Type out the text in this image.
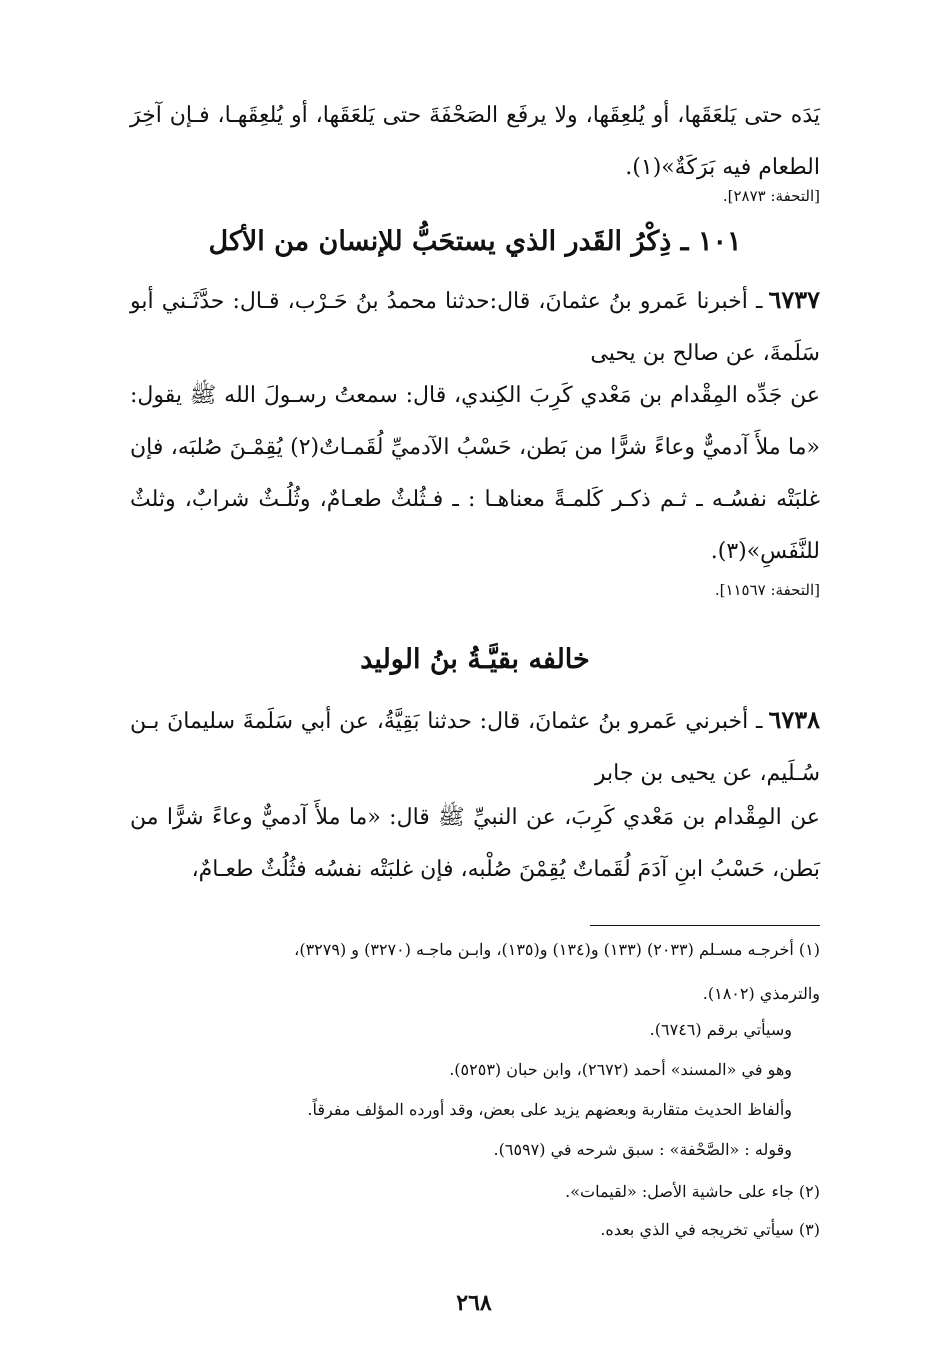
يَدَه حتى يَلعَقَها، أو يُلعِقَها، ولا يرفَع الصَحْفَةَ حتى يَلعَقَها، أو يُلعِقَهـا، فـإن آخِرَ الطعام فيه بَرَكَةٌ»(١).
[التحفة: ٢٨٧٣].
١٠١ ـ ذِكْرُ القَدر الذي يستحَبُّ للإنسان من الأكل
٦٧٣٧ـ أخبرنا عَمرو بنُ عثمانَ، قال:حدثنا محمدُ بنُ حَـرْب، قـال: حدَّثَـني أبو سَلَمةَ، عن صالح بن يحيى
عن جَدِّه المِقْدام بن مَعْدي كَرِبَ الكِندي، قال: سمعتُ رسـولَ الله ﷺ يقول: «ما ملأَ آدميٌّ وعاءً شرًّا من بَطن، حَسْبُ الآدميِّ لُقَمـاتٌ(٢) يُقِمْـنَ صُلبَه، فإن غلبَتْه نفسُـه ـ ثـم ذكـر كَلمـةً معناهـا : ـ فـثُلثٌ طعـامٌ، وثُلُـثٌ شرابٌ، وثلثٌ للنَّفَسِ»(٣).
[التحفة: ١١٥٦٧].
خالفه بقيَّـةُ بنُ الوليد
٦٧٣٨ـ أخبرني عَمرو بنُ عثمانَ، قال: حدثنا بَقِيَّةُ، عن أبي سَلَمةَ سليمانَ بـن سُـلَيم، عن يحيى بن جابر
عن المِقْدام بن مَعْدي كَرِبَ، عن النبيِّ ﷺ قال: «ما ملأَ آدميٌّ وعاءً شرًّا من بَطن، حَسْبُ ابنِ آدَمَ لُقَماتٌ يُقِمْنَ صُلْبه، فإن غلبَتْه نفسُه فثُلُثٌ طعـامٌ،
(١) أخرجـه مسـلم (٢٠٣٣) (١٣٣) و(١٣٤) و(١٣٥)، وابـن ماجـه (٣٢٧٠) و (٣٢٧٩)،
والترمذي (١٨٠٢).
وسيأتي برقم (٦٧٤٦).
وهو في «المسند» أحمد (٢٦٧٢)، وابن حبان (٥٢٥٣).
وألفاظ الحديث متقاربة وبعضهم يزيد على بعض، وقد أورده المؤلف مفرقاً.
وقوله : «الصَّحْفة» : سبق شرحه في (٦٥٩٧).
(٢) جاء على حاشية الأصل: «لقيمات».
(٣) سيأتي تخريجه في الذي بعده.
٢٦٨
